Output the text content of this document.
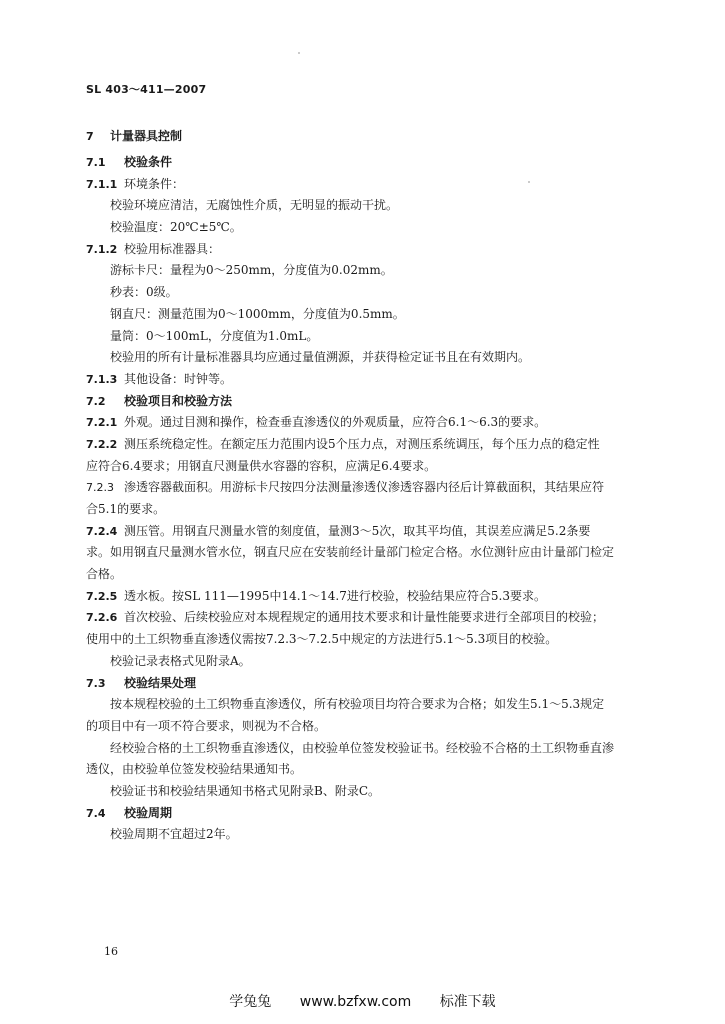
SL 403～411—2007
7 计量器具控制
7.1 校验条件
7.1.1 环境条件：
校验环境应清洁，无腐蚀性介质，无明显的振动干扰。
校验温度：20℃±5℃。
7.1.2 校验用标准器具：
游标卡尺：量程为0～250mm，分度值为0.02mm。
秒表：0级。
钢直尺：测量范围为0～1000mm，分度值为0.5mm。
量筒：0～100mL，分度值为1.0mL。
校验用的所有计量标准器具均应通过量值溯源，并获得检定证书且在有效期内。
7.1.3 其他设备：时钟等。
7.2 校验项目和校验方法
7.2.1 外观。通过目测和操作，检查垂直渗透仪的外观质量，应符合6.1～6.3的要求。
7.2.2 测压系统稳定性。在额定压力范围内设5个压力点，对测压系统调压，每个压力点的稳定性
应符合6.4要求；用钢直尺测量供水容器的容积，应满足6.4要求。
7.2.3 渗透容器截面积。用游标卡尺按四分法测量渗透仪渗透容器内径后计算截面积，其结果应符
合5.1的要求。
7.2.4 测压管。用钢直尺测量水管的刻度值，量测3～5次，取其平均值，其误差应满足5.2条要
求。如用钢直尺量测水管水位，钢直尺应在安装前经计量部门检定合格。水位测针应由计量部门检定
合格。
7.2.5 透水板。按SL 111—1995中14.1～14.7进行校验，校验结果应符合5.3要求。
7.2.6 首次校验、后续校验应对本规程规定的通用技术要求和计量性能要求进行全部项目的校验；
使用中的土工织物垂直渗透仪需按7.2.3～7.2.5中规定的方法进行5.1～5.3项目的校验。
校验记录表格式见附录A。
7.3 校验结果处理
按本规程校验的土工织物垂直渗透仪，所有校验项目均符合要求为合格；如发生5.1～5.3规定
的项目中有一项不符合要求，则视为不合格。
经校验合格的土工织物垂直渗透仪，由校验单位签发校验证书。经校验不合格的土工织物垂直渗
透仪，由校验单位签发校验结果通知书。
校验证书和校验结果通知书格式见附录B、附录C。
7.4 校验周期
校验周期不宜超过2年。
16
学兔兔 www.bzfxw.com 标准下载
